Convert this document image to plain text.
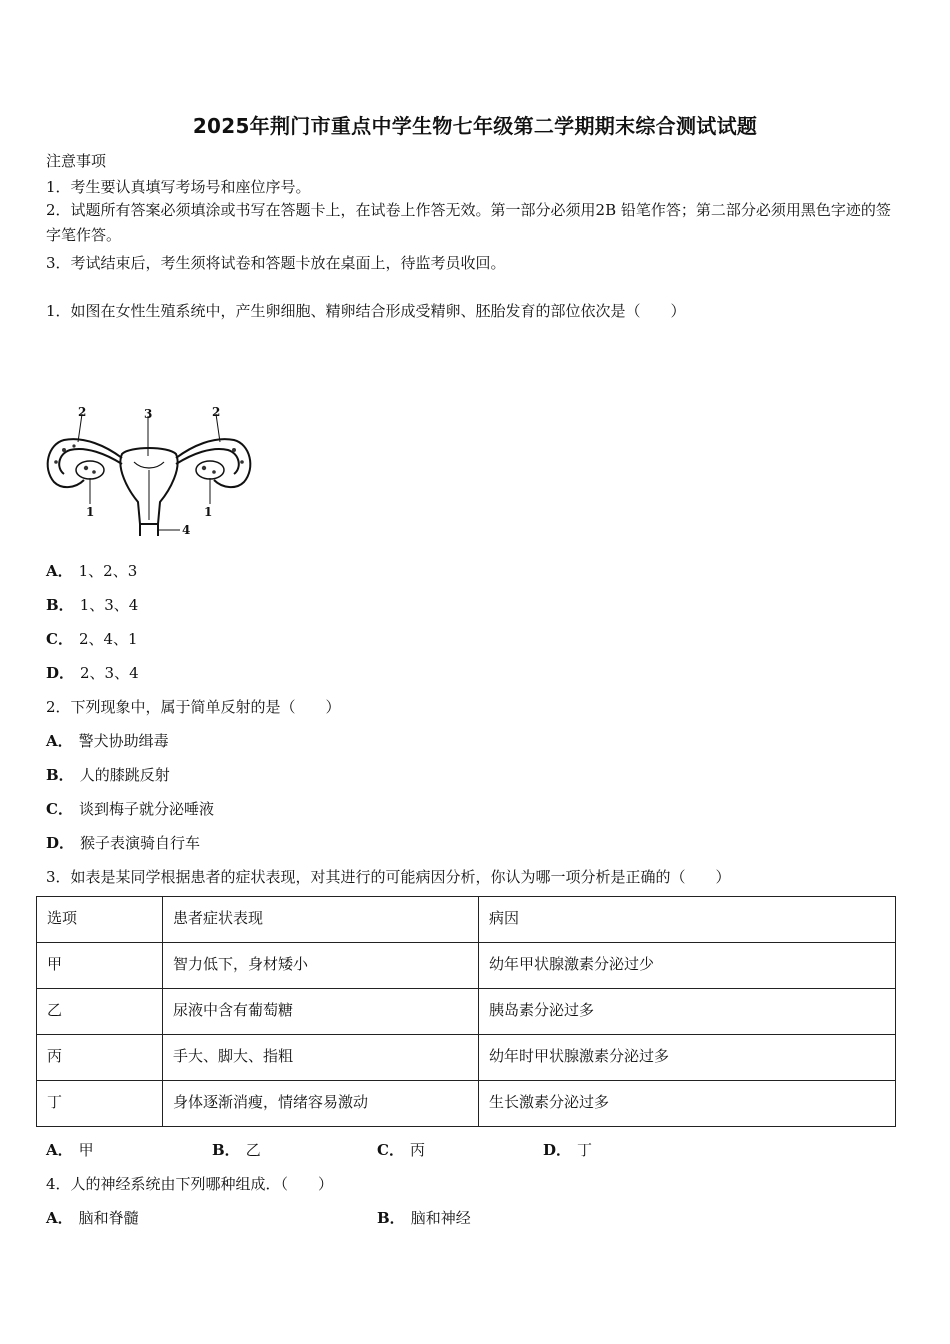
2025年荆门市重点中学生物七年级第二学期期末综合测试试题
注意事项
1．考生要认真填写考场号和座位序号。
2．试题所有答案必须填涂或书写在答题卡上，在试卷上作答无效。第一部分必须用2B 铅笔作答；第二部分必须用黑色字迹的签字笔作答。
3．考试结束后，考生须将试卷和答题卡放在桌面上，待监考员收回。
1．如图在女性生殖系统中，产生卵细胞、精卵结合形成受精卵、胚胎发育的部位依次是（　　）
2	3	2
1	1
4
A． 1、2、3
B． 1、3、4
C． 2、4、1
D． 2、3、4
2．下列现象中，属于简单反射的是（　　）
A． 警犬协助缉毒
B． 人的膝跳反射
C． 谈到梅子就分泌唾液
D． 猴子表演骑自行车
3．如表是某同学根据患者的症状表现，对其进行的可能病因分析，你认为哪一项分析是正确的（　　）
选项	患者症状表现	病因
甲	智力低下，身材矮小	幼年甲状腺激素分泌过少
乙	尿液中含有葡萄糖	胰岛素分泌过多
丙	手大、脚大、指粗	幼年时甲状腺激素分泌过多
丁	身体逐渐消瘦，情绪容易激动	生长激素分泌过多
A． 甲	B． 乙	C． 丙	D． 丁
4．人的神经系统由下列哪种组成．（　　）
A． 脑和脊髓	B． 脑和神经
